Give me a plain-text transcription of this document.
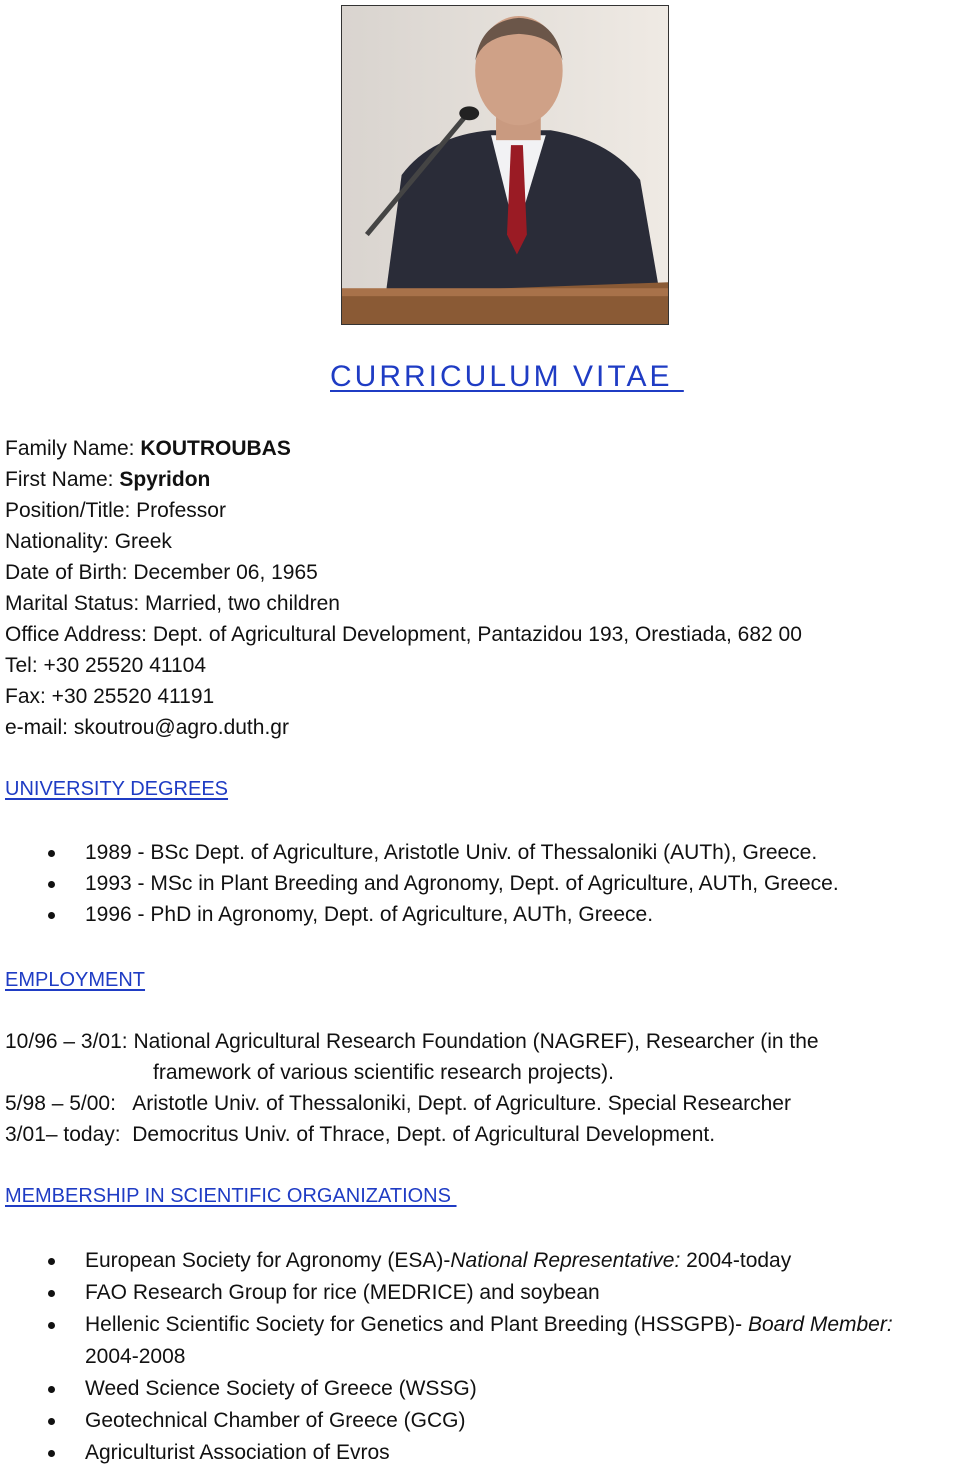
CURRICULUM VITAE
Family Name: KOUTROUBAS
First Name: Spyridon
Position/Title: Professor
Nationality: Greek
Date of Birth: December 06, 1965
Marital Status: Married, two children
Office Address: Dept. of Agricultural Development, Pantazidou 193, Orestiada, 682 00
Tel: +30 25520 41104
Fax: +30 25520 41191
e-mail: skoutrou@agro.duth.gr
UNIVERSITY DEGREES
1989 - BSc Dept. of Agriculture, Aristotle Univ. of Thessaloniki (AUTh), Greece.
1993 - MSc in Plant Breeding and Agronomy, Dept. of Agriculture, AUTh, Greece.
1996 - PhD in Agronomy, Dept. of Agriculture, AUTh, Greece.
EMPLOYMENT
10/96 – 3/01: National Agricultural Research Foundation (NAGREF), Researcher (in the
framework of various scientific research projects).
5/98 – 5/00:   Aristotle Univ. of Thessaloniki, Dept. of Agriculture. Special Researcher
3/01– today:  Democritus Univ. of Thrace, Dept. of Agricultural Development.
MEMBERSHIP IN SCIENTIFIC ORGANIZATIONS
European Society for Agronomy (ESA)-National Representative: 2004-today
FAO Research Group for rice (MEDRICE) and soybean
Hellenic Scientific Society for Genetics and Plant Breeding (HSSGPB)- Board Member:
2004-2008
Weed Science Society of Greece (WSSG)
Geotechnical Chamber of Greece (GCG)
Agriculturist Association of Evros
